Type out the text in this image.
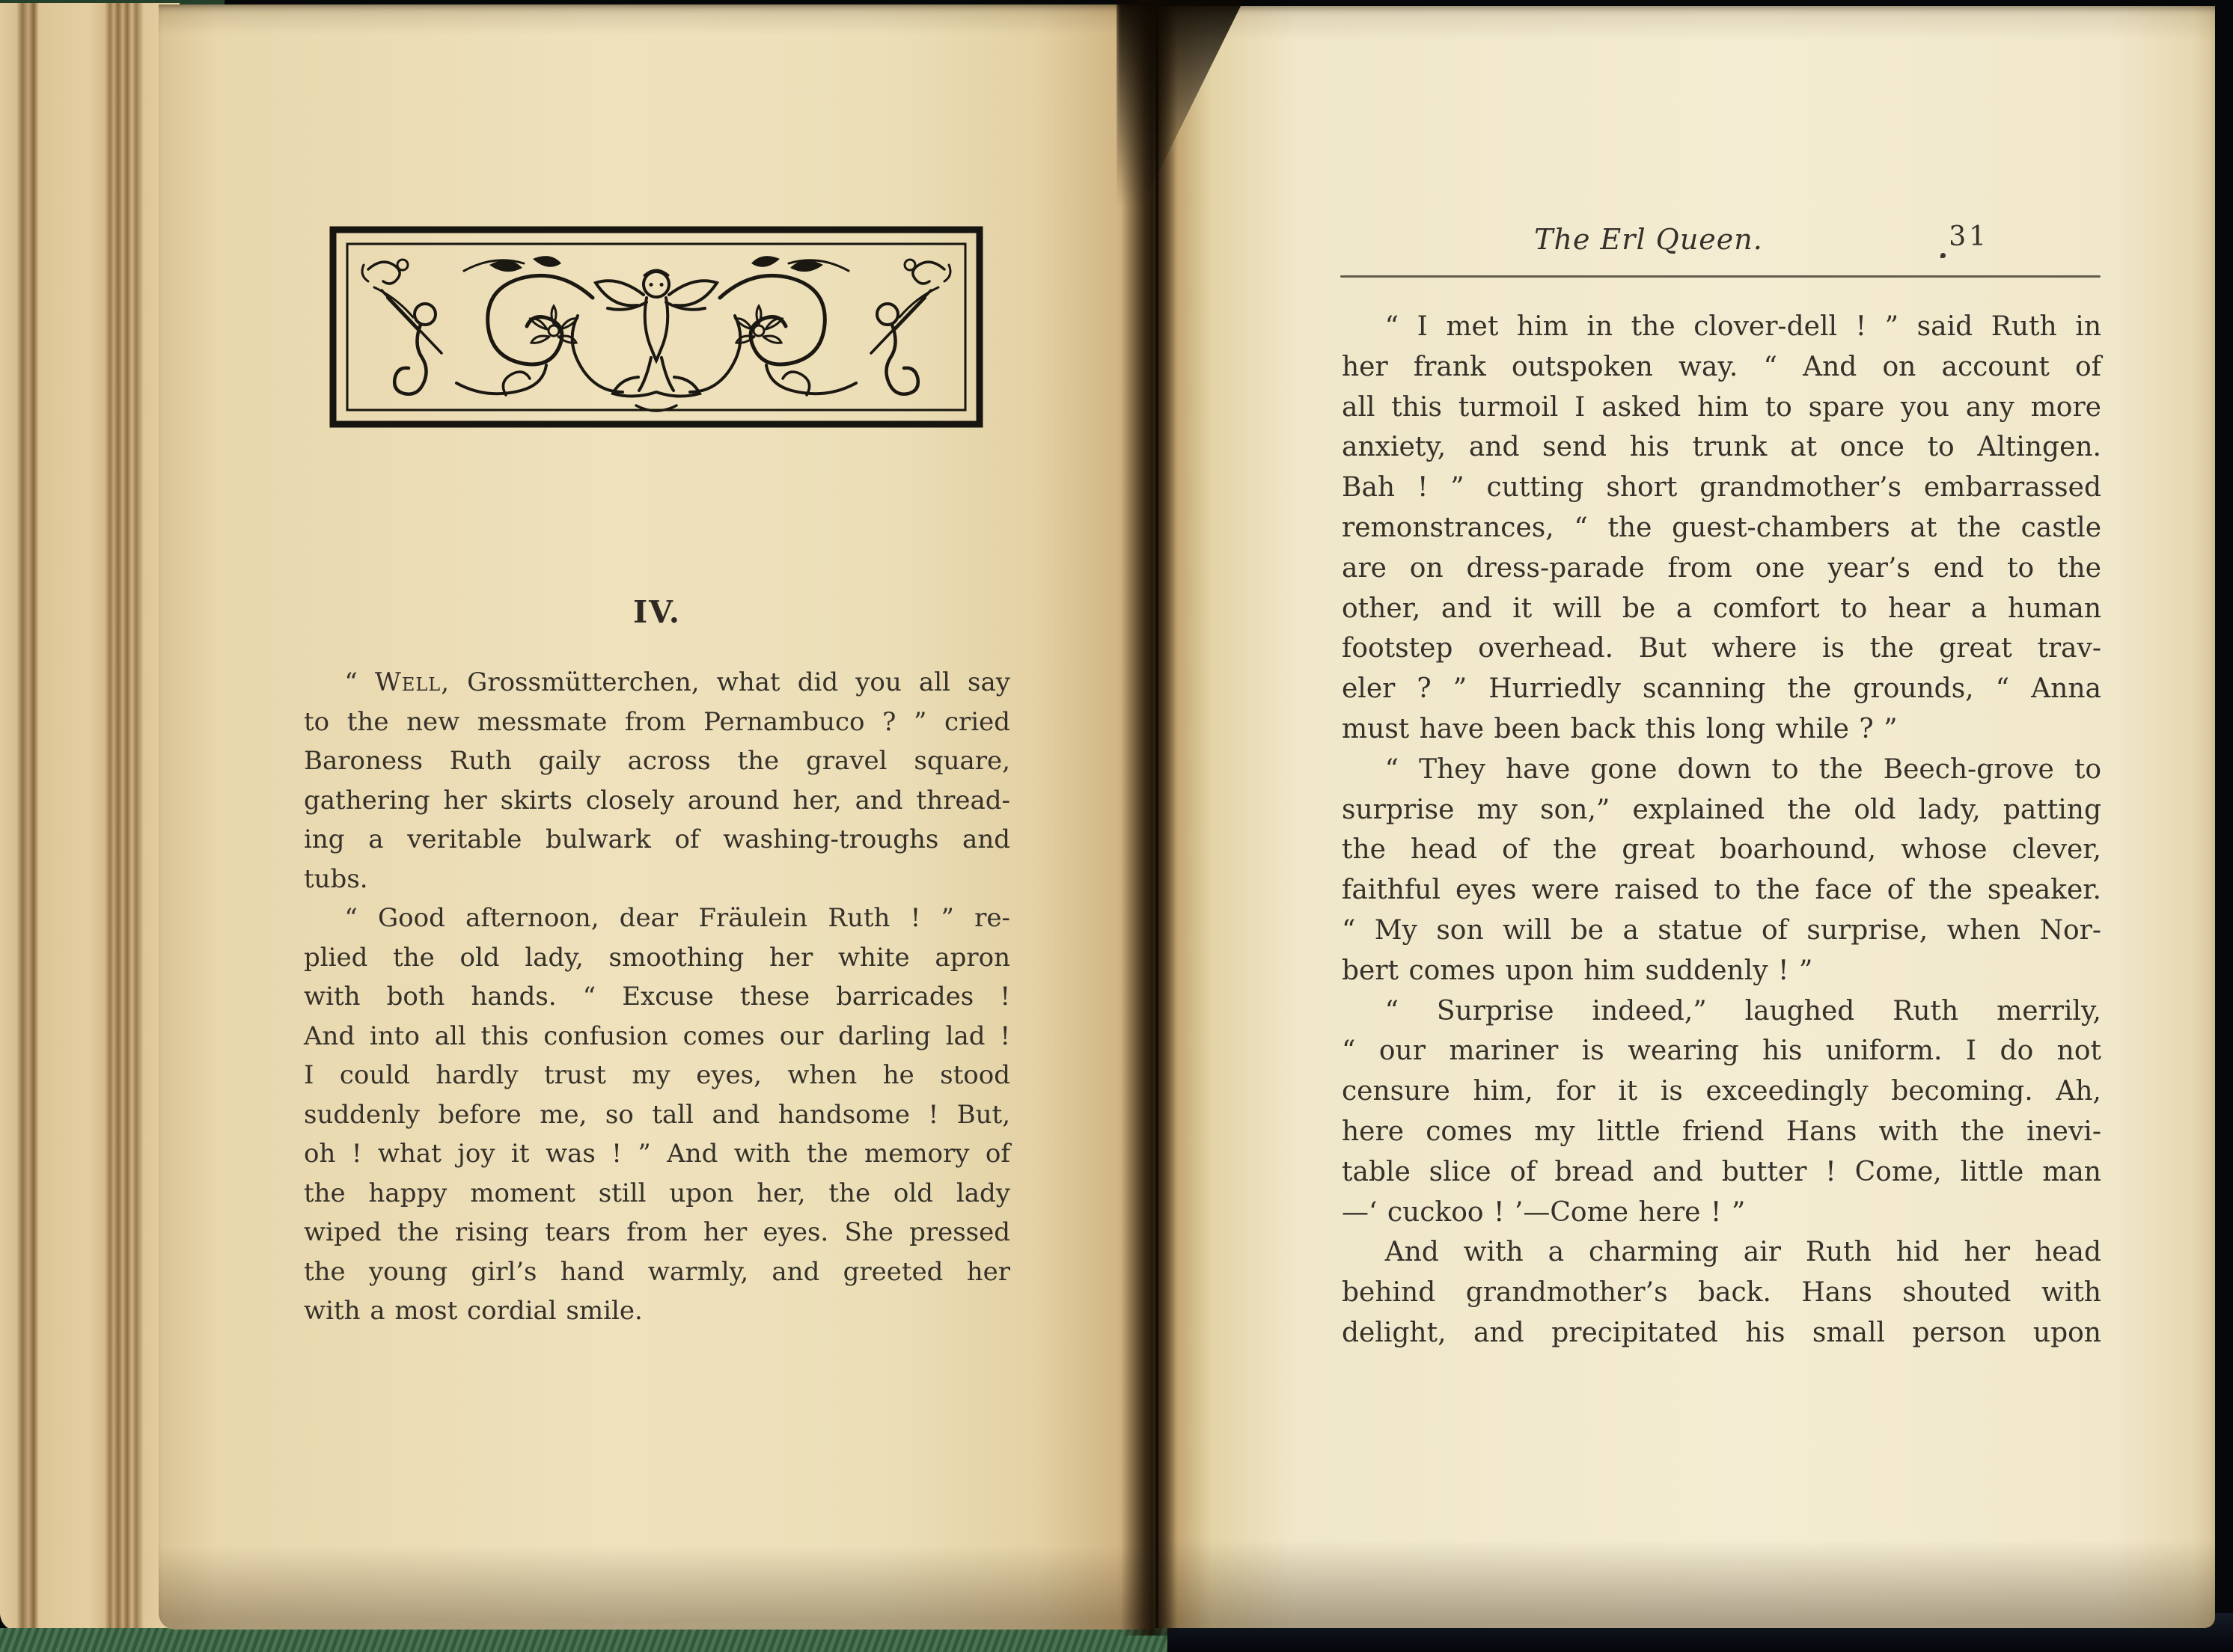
IV.
“ Well, Grossmütterchen, what did you all say
to the new messmate from Pernambuco ? ” cried
Baroness Ruth gaily across the gravel square,
gathering her skirts closely around her, and thread-
ing a veritable bulwark of washing-troughs and
tubs.
“ Good afternoon, dear Fräulein Ruth ! ” re-
plied the old lady, smoothing her white apron
with both hands. “ Excuse these barricades !
And into all this confusion comes our darling lad !
I could hardly trust my eyes, when he stood
suddenly before me, so tall and handsome ! But,
oh ! what joy it was ! ” And with the memory of
the happy moment still upon her, the old lady
wiped the rising tears from her eyes. She pressed
the young girl’s hand warmly, and greeted her
with a most cordial smile.
The Erl Queen.	31
“ I met him in the clover-dell ! ” said Ruth in
her frank outspoken way. “ And on account of
all this turmoil I asked him to spare you any more
anxiety, and send his trunk at once to Altingen.
Bah ! ” cutting short grandmother’s embarrassed
remonstrances, “ the guest-chambers at the castle
are on dress-parade from one year’s end to the
other, and it will be a comfort to hear a human
footstep overhead. But where is the great trav-
eler ? ” Hurriedly scanning the grounds, “ Anna
must have been back this long while ? ”
“ They have gone down to the Beech-grove to
surprise my son,” explained the old lady, patting
the head of the great boarhound, whose clever,
faithful eyes were raised to the face of the speaker.
“ My son will be a statue of surprise, when Nor-
bert comes upon him suddenly ! ”
“ Surprise indeed,” laughed Ruth merrily,
“ our mariner is wearing his uniform. I do not
censure him, for it is exceedingly becoming. Ah,
here comes my little friend Hans with the inevi-
table slice of bread and butter ! Come, little man
—‘ cuckoo ! ’—Come here ! ”
And with a charming air Ruth hid her head
behind grandmother’s back. Hans shouted with
delight, and precipitated his small person upon
